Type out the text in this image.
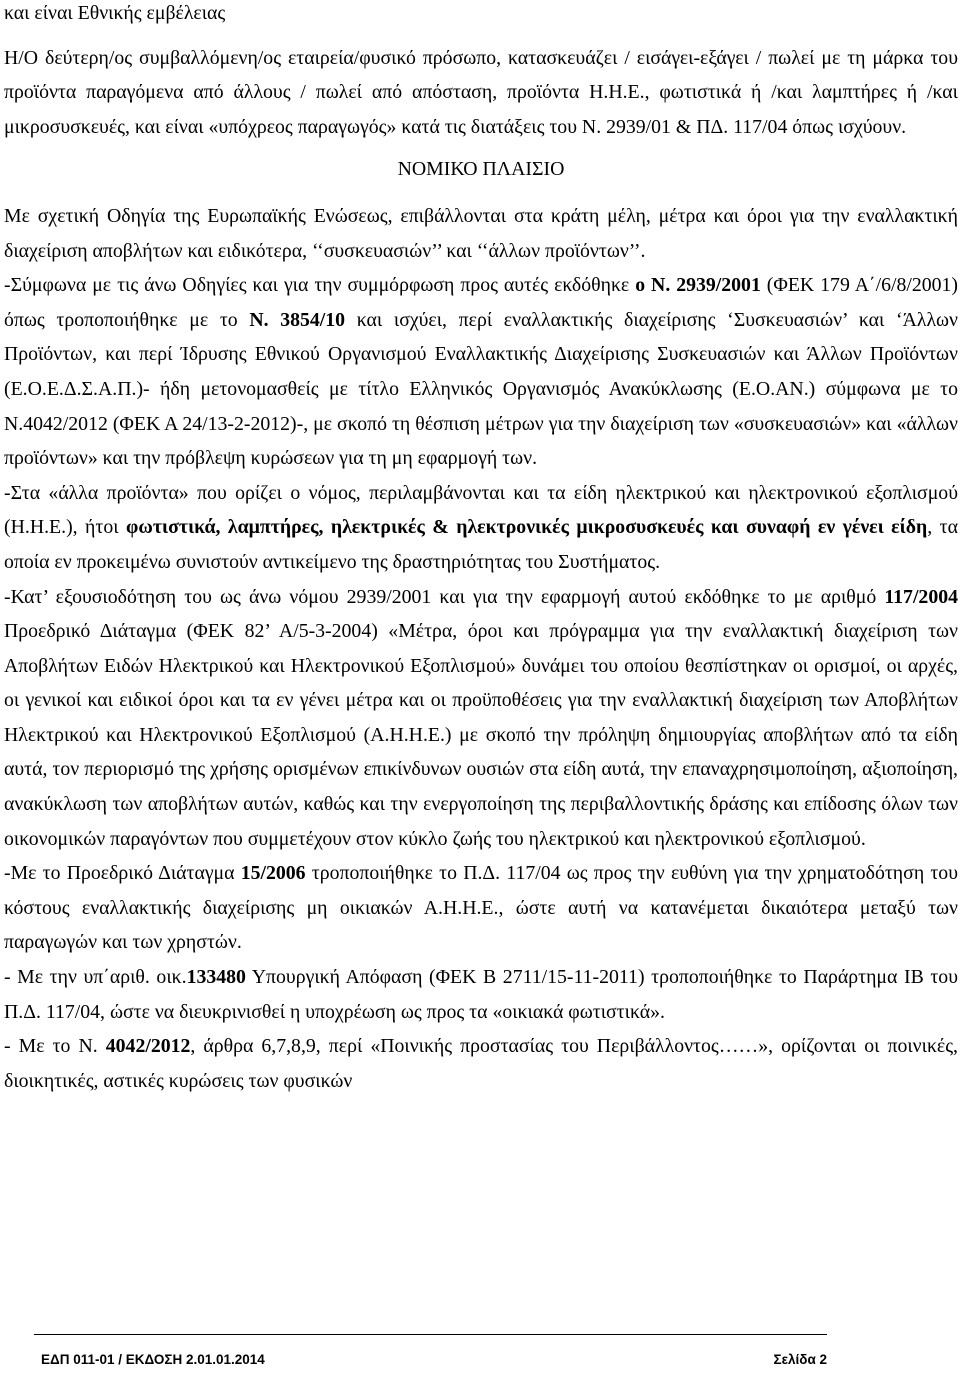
και είναι Εθνικής εμβέλειας

Η/Ο δεύτερη/ος συμβαλλόμενη/ος εταιρεία/φυσικό πρόσωπο, κατασκευάζει / εισάγει-εξάγει / πωλεί με τη μάρκα του προϊόντα παραγόμενα από άλλους / πωλεί από απόσταση, προϊόντα Η.Η.Ε., φωτιστικά ή /και λαμπτήρες ή /και μικροσυσκευές, και είναι «υπόχρεος παραγωγός» κατά τις διατάξεις του Ν. 2939/01 & ΠΔ. 117/04 όπως ισχύουν.

ΝΟΜΙΚΟ ΠΛΑΙΣΙΟ

Με σχετική Οδηγία της Ευρωπαϊκής Ενώσεως, επιβάλλονται στα κράτη μέλη, μέτρα και όροι για την εναλλακτική διαχείριση αποβλήτων και ειδικότερα, ‘‘συσκευασιών’’ και ‘‘άλλων προϊόντων’’.

-Σύμφωνα με τις άνω Οδηγίες και για την συμμόρφωση προς αυτές εκδόθηκε ο Ν. 2939/2001 (ΦΕΚ 179 Α΄/6/8/2001) όπως τροποποιήθηκε με το Ν. 3854/10 και ισχύει, περί εναλλακτικής διαχείρισης ‘Συσκευασιών’ και ‘Άλλων Προϊόντων, και περί Ίδρυσης Εθνικού Οργανισμού Εναλλακτικής Διαχείρισης Συσκευασιών και Άλλων Προϊόντων (Ε.Ο.Ε.Δ.Σ.Α.Π.)- ήδη μετονομασθείς με τίτλο Ελληνικός Οργανισμός Ανακύκλωσης (Ε.Ο.ΑΝ.) σύμφωνα με το Ν.4042/2012 (ΦΕΚ Α 24/13-2-2012)-, με σκοπό τη θέσπιση μέτρων για την διαχείριση των «συσκευασιών» και «άλλων προϊόντων» και την πρόβλεψη κυρώσεων για τη μη εφαρμογή των.

-Στα «άλλα προϊόντα» που ορίζει ο νόμος, περιλαμβάνονται και τα είδη ηλεκτρικού και ηλεκτρονικού εξοπλισμού (Η.Η.Ε.), ήτοι φωτιστικά, λαμπτήρες, ηλεκτρικές & ηλεκτρονικές μικροσυσκευές και συναφή εν γένει είδη, τα οποία εν προκειμένω συνιστούν αντικείμενο της δραστηριότητας του Συστήματος.

-Κατ’ εξουσιοδότηση του ως άνω νόμου 2939/2001 και για την εφαρμογή αυτού εκδόθηκε το με αριθμό 117/2004 Προεδρικό Διάταγμα (ΦΕΚ 82’ Α/5-3-2004) «Μέτρα, όροι και πρόγραμμα για την εναλλακτική διαχείριση των Αποβλήτων Ειδών Ηλεκτρικού και Ηλεκτρονικού Εξοπλισμού» δυνάμει του οποίου θεσπίστηκαν οι ορισμοί, οι αρχές, οι γενικοί και ειδικοί όροι και τα εν γένει μέτρα και οι προϋποθέσεις για την εναλλακτική διαχείριση των Αποβλήτων Ηλεκτρικού και Ηλεκτρονικού Εξοπλισμού (Α.Η.Η.Ε.) με σκοπό την πρόληψη δημιουργίας αποβλήτων από τα είδη αυτά, τον περιορισμό της χρήσης ορισμένων επικίνδυνων ουσιών στα είδη αυτά, την επαναχρησιμοποίηση, αξιοποίηση, ανακύκλωση των αποβλήτων αυτών, καθώς και την ενεργοποίηση της περιβαλλοντικής δράσης και επίδοσης όλων των οικονομικών παραγόντων που συμμετέχουν στον κύκλο ζωής του ηλεκτρικού και ηλεκτρονικού εξοπλισμού.

-Με το Προεδρικό Διάταγμα 15/2006 τροποποιήθηκε το Π.Δ. 117/04 ως προς την ευθύνη για την χρηματοδότηση του κόστους εναλλακτικής διαχείρισης μη οικιακών Α.Η.Η.Ε., ώστε αυτή να κατανέμεται δικαιότερα μεταξύ των παραγωγών και των χρηστών.

- Με την υπ΄αριθ. οικ.133480 Υπουργική Απόφαση (ΦΕΚ Β 2711/15-11-2011) τροποποιήθηκε το Παράρτημα ΙΒ του Π.Δ. 117/04, ώστε να διευκρινισθεί η υποχρέωση ως προς τα «οικιακά φωτιστικά».

- Με το Ν. 4042/2012, άρθρα 6,7,8,9, περί «Ποινικής προστασίας του Περιβάλλοντος……», ορίζονται οι ποινικές, διοικητικές, αστικές κυρώσεις των φυσικών

ΕΔΠ 011-01 / ΕΚΔΟΣΗ 2.01.01.2014	Σελίδα 2
